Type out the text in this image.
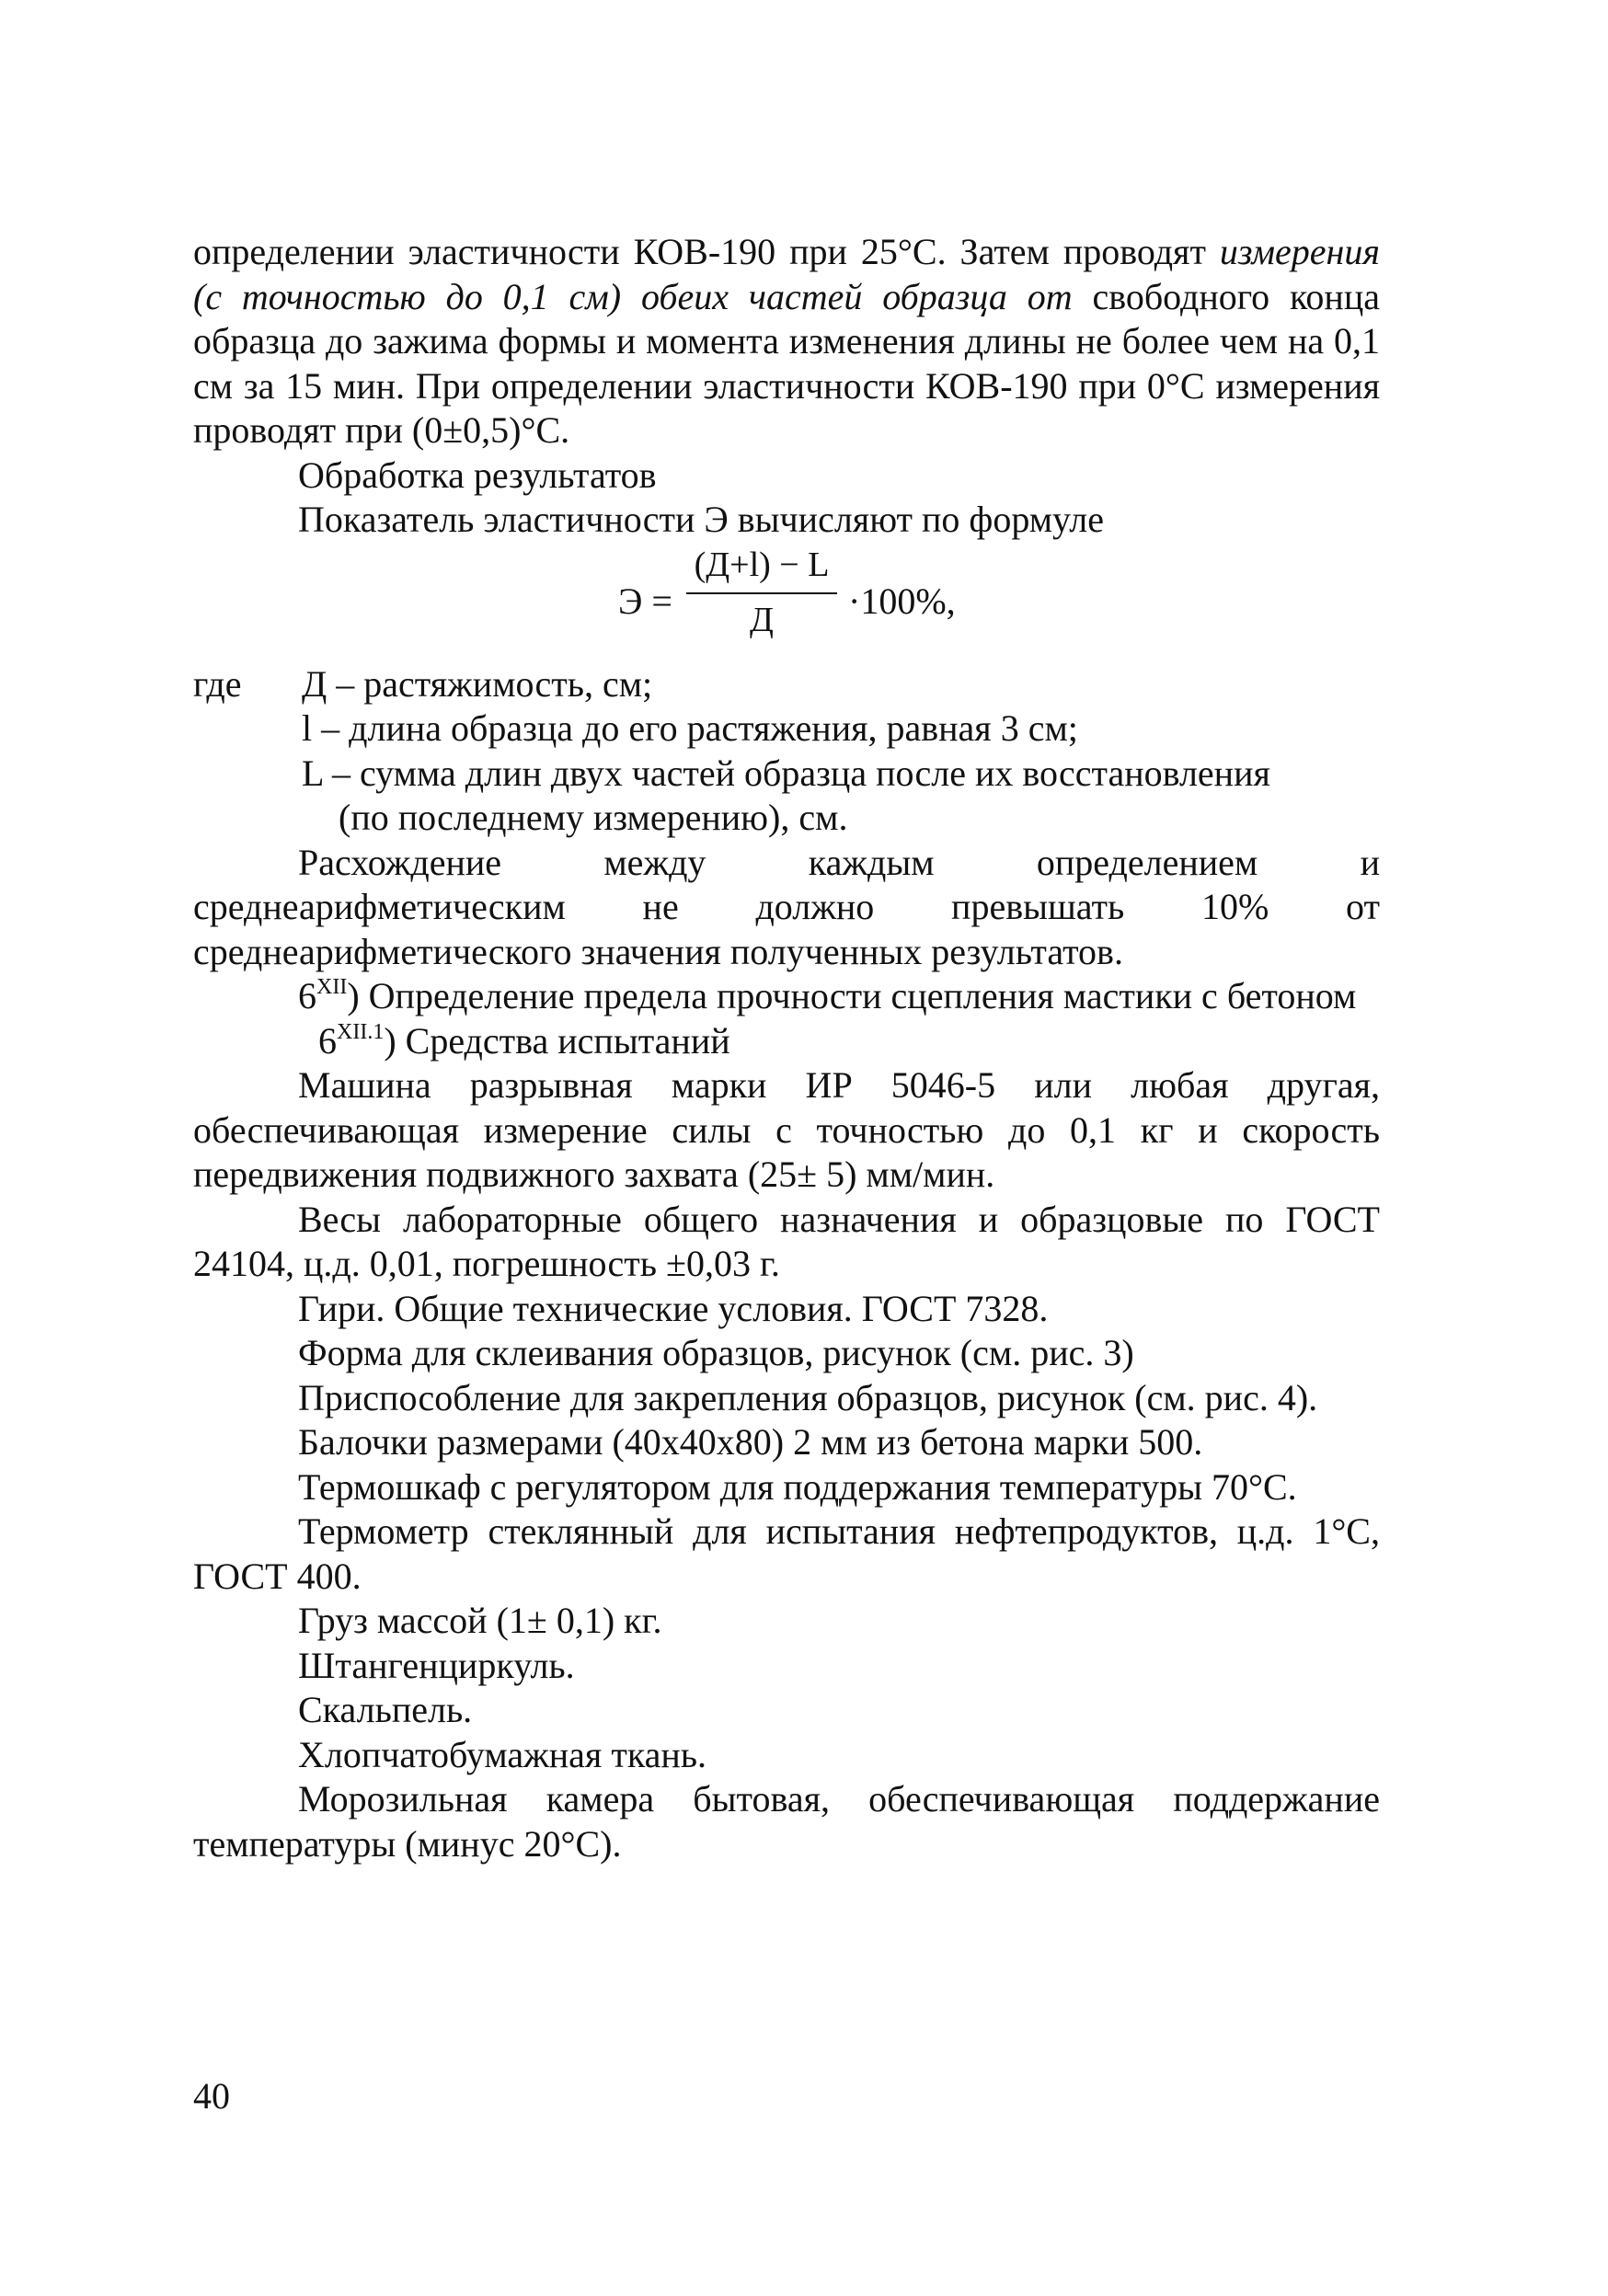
определении эластичности КОВ-190 при 25°С. Затем проводят измерения (с точностью до 0,1 см) обеих частей образца от свободного конца образца до зажима формы и момента изменения длины не более чем на 0,1 см за 15 мин. При определении эластичности КОВ-190 при 0°С измерения проводят при (0±0,5)°С.

Обработка результатов

Показатель эластичности Э вычисляют по формуле

Э =
(Д+l) − L
Д	·100%,
где	Д – растяжимость, см;
l – длина образца до его растяжения, равная 3 см;
L – сумма длин двух частей образца после их восстановления
(по последнему измерению), см.

Расхождение между каждым определением и среднеарифметическим не должно превышать 10% от среднеарифметического значения полученных результатов.

$6^{XII}$) Определение предела прочности сцепления мастики с бетоном

$6^{XII.1}$) Средства испытаний

Машина разрывная марки ИР 5046-5 или любая другая, обеспечивающая измерение силы с точностью до 0,1 кг и скорость передвижения подвижного захвата (25± 5) мм/мин.

Весы лабораторные общего назначения и образцовые по ГОСТ 24104, ц.д. 0,01, погрешность ±0,03 г.

Гири. Общие технические условия. ГОСТ 7328.

Форма для склеивания образцов, рисунок (см. рис. 3)

Приспособление для закрепления образцов, рисунок (см. рис. 4).

Балочки размерами (40х40х80) 2 мм из бетона марки 500.

Термошкаф с регулятором для поддержания температуры 70°С.

Термометр стеклянный для испытания нефтепродуктов, ц.д. 1°С, ГОСТ 400.

Груз массой (1± 0,1) кг.

Штангенциркуль.

Скальпель.

Хлопчатобумажная ткань.

Морозильная камера бытовая, обеспечивающая поддержание температуры (минус 20°С).

40
